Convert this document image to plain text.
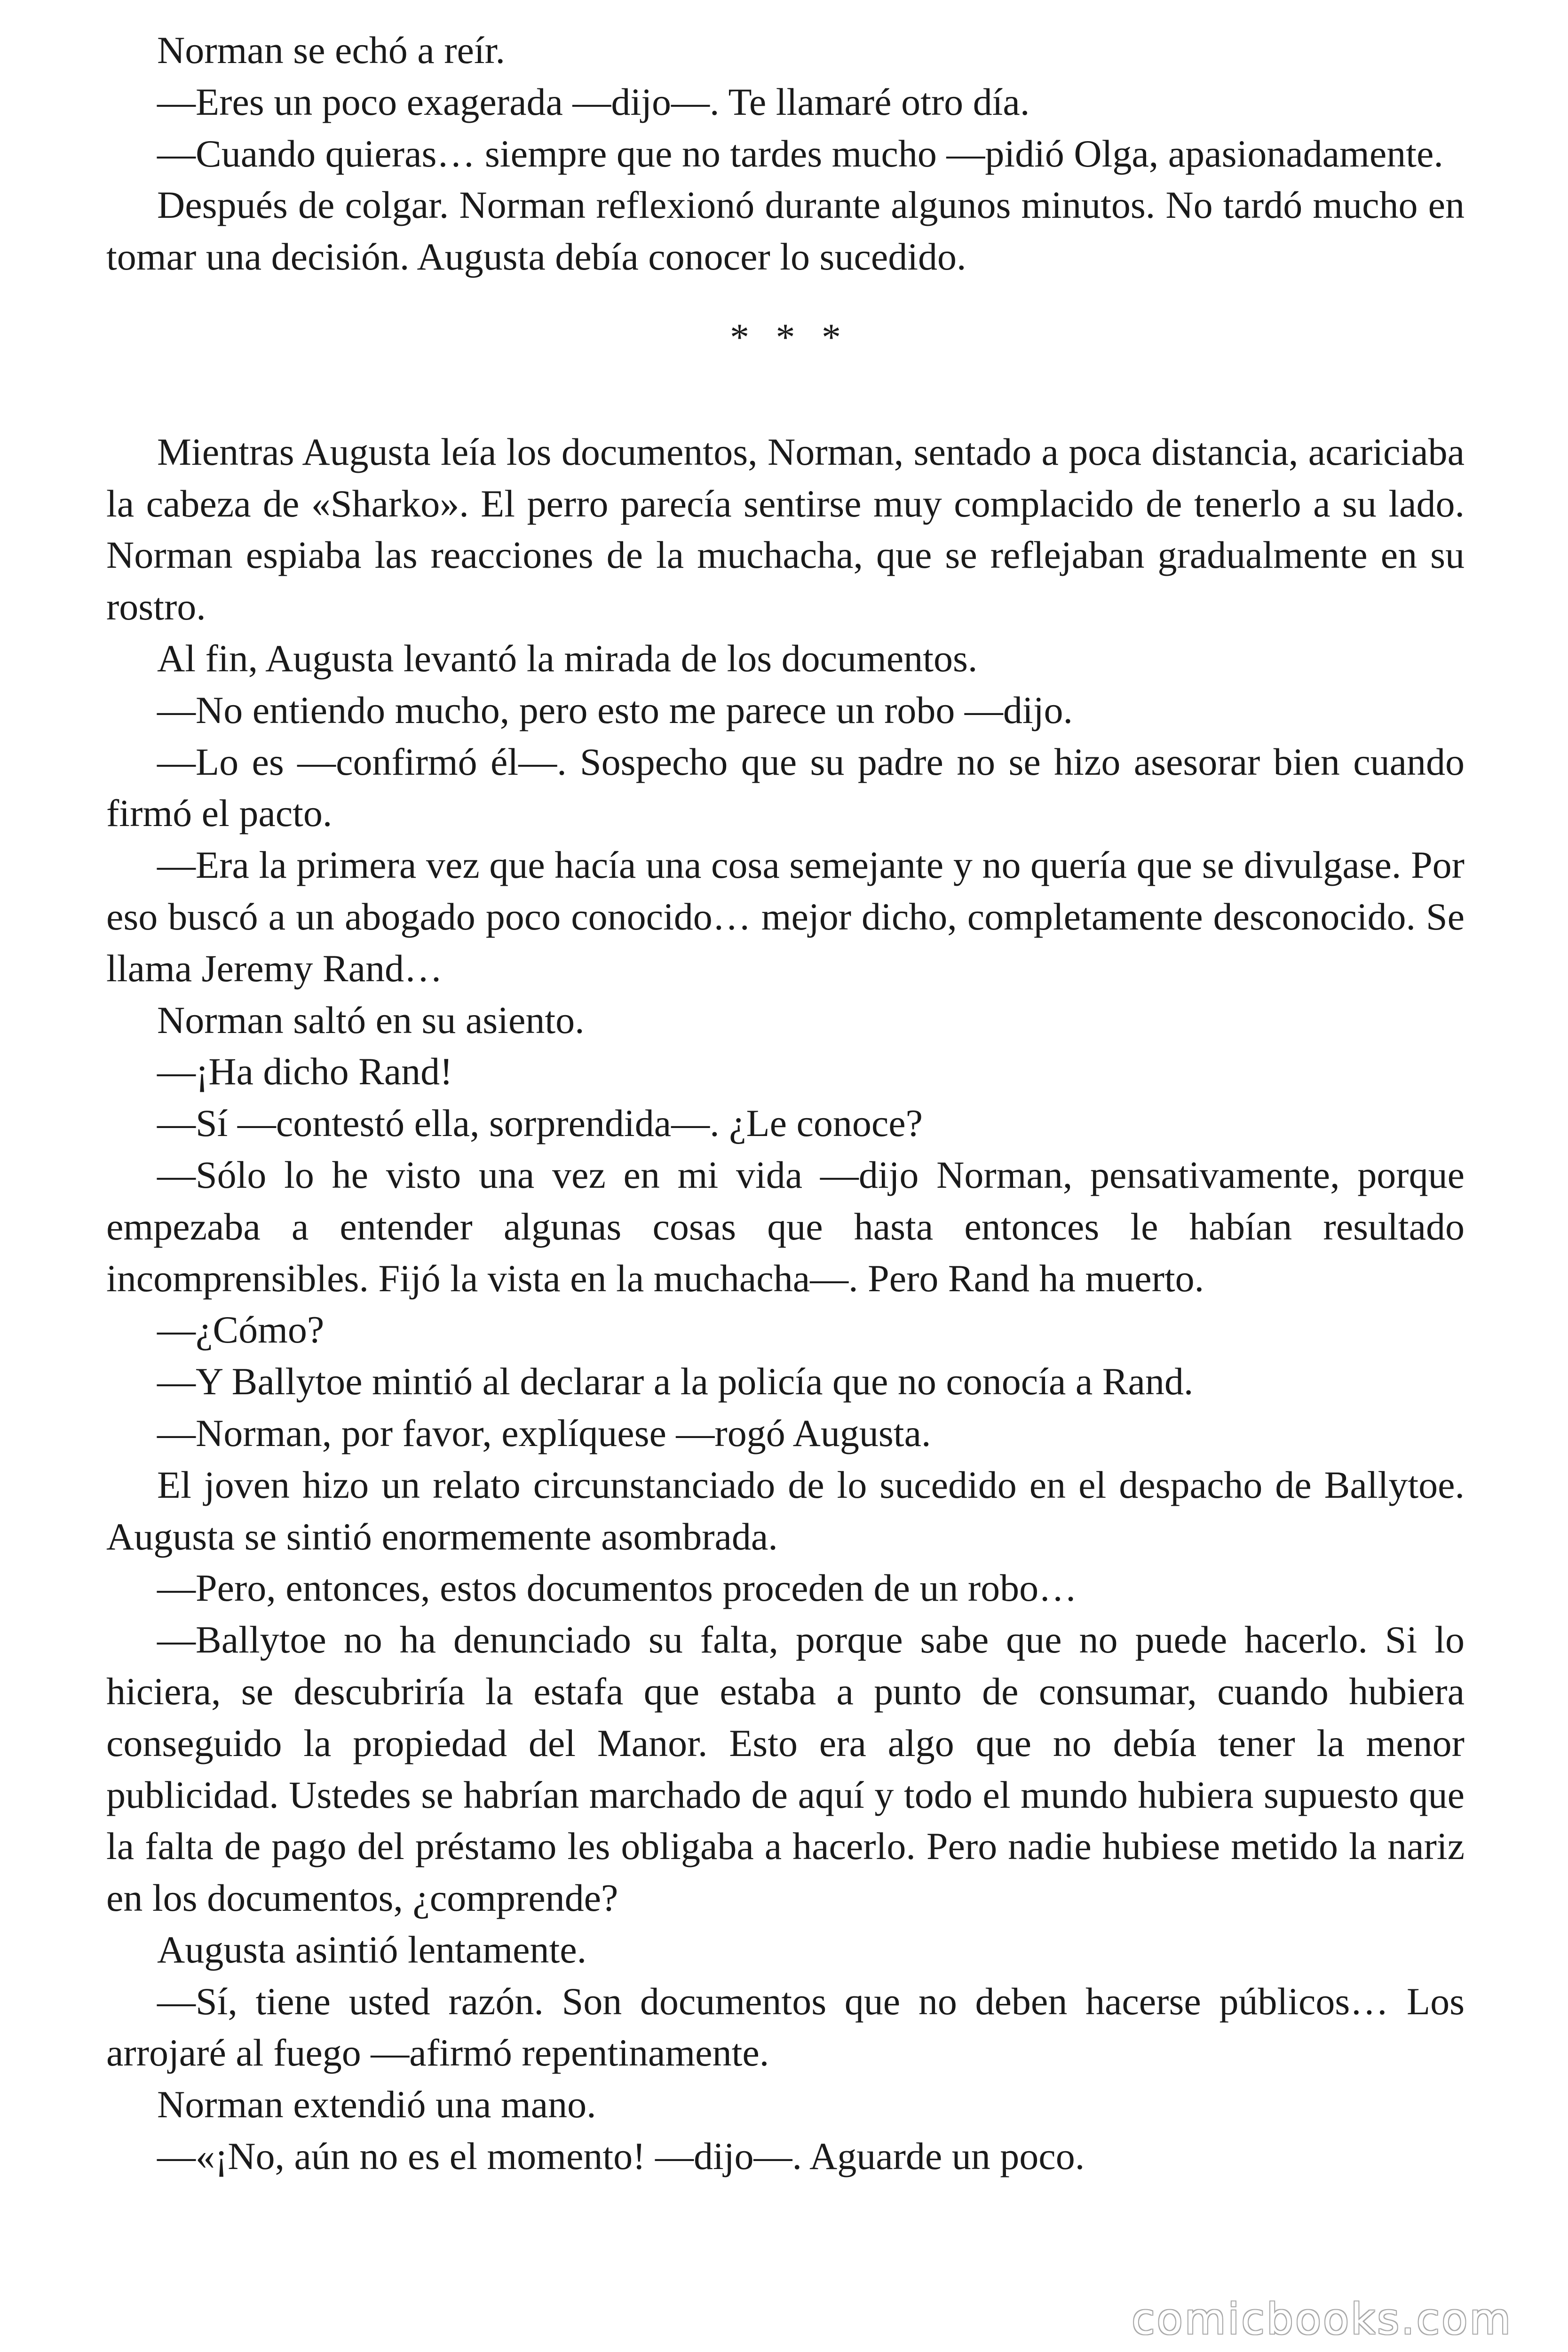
Norman se echó a reír.

—Eres un poco exagerada —dijo—. Te llamaré otro día.

—Cuando quieras… siempre que no tardes mucho —pidió Olga, apasionadamente.

Después de colgar. Norman reflexionó durante algunos minutos. No tardó mucho en tomar una decisión. Augusta debía conocer lo sucedido.

* * *

Mientras Augusta leía los documentos, Norman, sentado a poca distancia, acariciaba la cabeza de «Sharko». El perro parecía sentirse muy complacido de tenerlo a su lado. Norman espiaba las reacciones de la muchacha, que se reflejaban gradualmente en su rostro.

Al fin, Augusta levantó la mirada de los documentos.

—No entiendo mucho, pero esto me parece un robo —dijo.

—Lo es —confirmó él—. Sospecho que su padre no se hizo asesorar bien cuando firmó el pacto.

—Era la primera vez que hacía una cosa semejante y no quería que se divulgase. Por eso buscó a un abogado poco conocido… mejor dicho, completamente desconocido. Se llama Jeremy Rand…

Norman saltó en su asiento.

—¡Ha dicho Rand!

—Sí —contestó ella, sorprendida—. ¿Le conoce?

—Sólo lo he visto una vez en mi vida —dijo Norman, pensativamente, porque empezaba a entender algunas cosas que hasta entonces le habían resultado incomprensibles. Fijó la vista en la muchacha—. Pero Rand ha muerto.

—¿Cómo?

—Y Ballytoe mintió al declarar a la policía que no conocía a Rand.

—Norman, por favor, explíquese —rogó Augusta.

El joven hizo un relato circunstanciado de lo sucedido en el despacho de Ballytoe. Augusta se sintió enormemente asombrada.

—Pero, entonces, estos documentos proceden de un robo…

—Ballytoe no ha denunciado su falta, porque sabe que no puede hacerlo. Si lo hiciera, se descubriría la estafa que estaba a punto de consumar, cuando hubiera conseguido la propiedad del Manor. Esto era algo que no debía tener la menor publicidad. Ustedes se habrían marchado de aquí y todo el mundo hubiera supuesto que la falta de pago del préstamo les obligaba a hacerlo. Pero nadie hubiese metido la nariz en los documentos, ¿comprende?

Augusta asintió lentamente.

—Sí, tiene usted razón. Son documentos que no deben hacerse públicos… Los arrojaré al fuego —afirmó repentinamente.

Norman extendió una mano.

—«¡No, aún no es el momento! —dijo—. Aguarde un poco.

comicbooks.com
